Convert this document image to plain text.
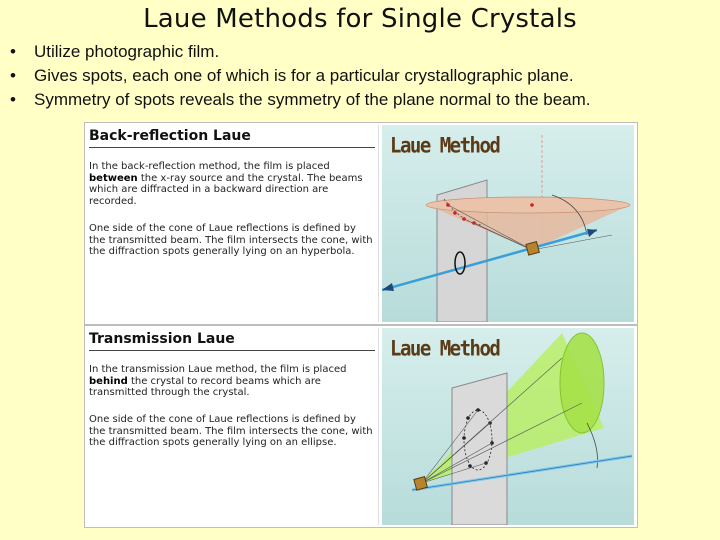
Laue Methods for Single Crystals
• Utilize photographic film.
• Gives spots, each one of which is for a particular crystallographic plane.
• Symmetry of spots reveals the symmetry of the plane normal to the beam.
Back-reflection Laue

In the back-reflection method, the film is placed between the x-ray source and the crystal. The beams which are diffracted in a backward direction are recorded.

One side of the cone of Laue reflections is defined by the transmitted beam. The film intersects the cone, with the diffraction spots generally lying on an hyperbola.

Laue Method
Transmission Laue

In the transmission Laue method, the film is placed behind the crystal to record beams which are transmitted through the crystal.

One side of the cone of Laue reflections is defined by the transmitted beam. The film intersects the cone, with the diffraction spots generally lying on an ellipse.

Laue Method
